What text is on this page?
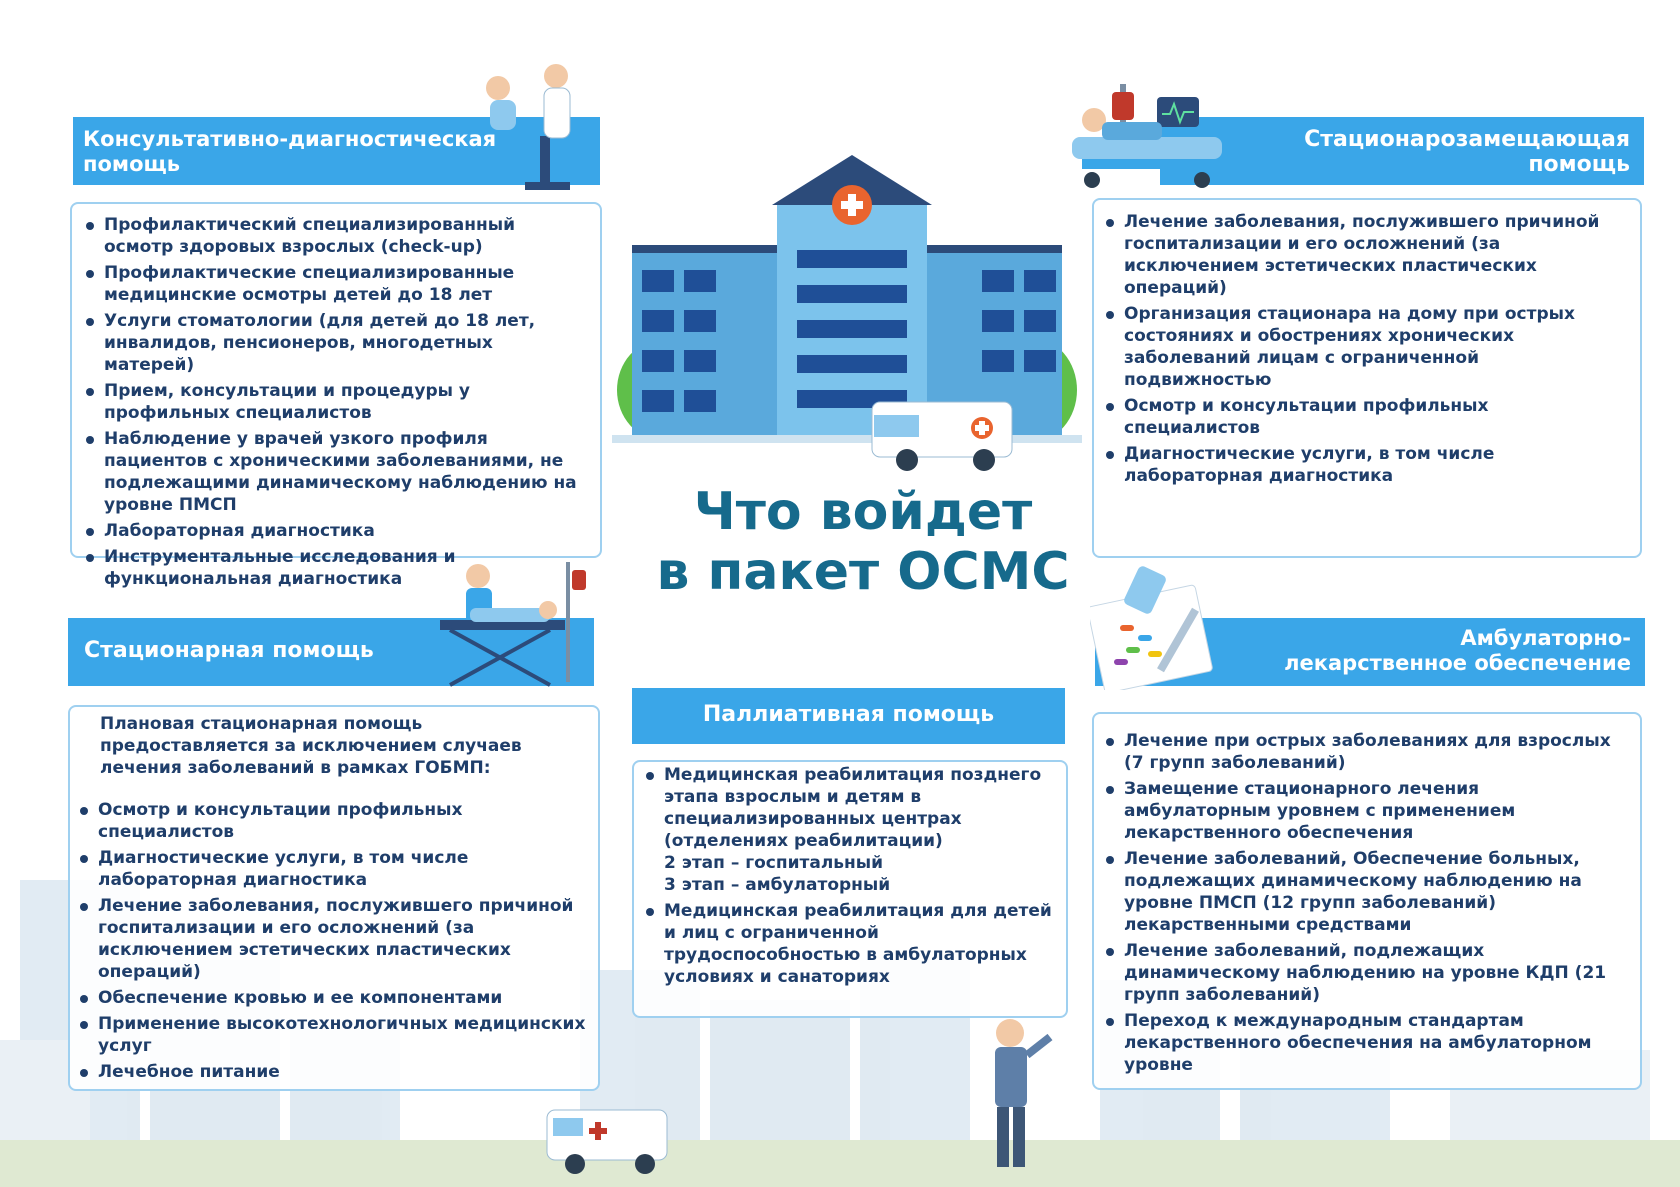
Что войдет
в пакет ОСМС
Консультативно-диагностическая
помощь
Профилактический специализированный осмотр здоровых взрослых (check-up)
Профилактические специализированные медицинские осмотры детей до 18 лет
Услуги стоматологии (для детей до 18 лет, инвалидов, пенсионеров, многодетных матерей)
Прием, консультации и процедуры у профильных специалистов
Наблюдение у врачей узкого профиля пациентов с хроническими заболеваниями, не подлежащими динамическому наблюдению на уровне ПМСП
Лабораторная диагностика
Инструментальные исследования и функциональная диагностика
Стационарозамещающая
помощь
Лечение заболевания, послужившего причиной госпитализации и его осложнений (за исключением эстетических пластических операций)
Организация стационара на дому при острых состояниях и обострениях хронических заболеваний лицам с ограниченной подвижностью
Осмотр и консультации профильных специалистов
Диагностические услуги, в том числе лабораторная диагностика
Стационарная помощь
Плановая стационарная помощь предоставляется за исключением случаев лечения заболеваний в рамках ГОБМП:
Осмотр и консультации профильных специалистов
Диагностические услуги, в том числе лабораторная диагностика
Лечение заболевания, послужившего причиной госпитализации и его осложнений (за исключением эстетических пластических операций)
Обеспечение кровью и ее компонентами
Применение высокотехнологичных медицинских услуг
Лечебное питание
Паллиативная помощь
Медицинская реабилитация позднего этапа взрослым и детям в специализированных центрах (отделениях реабилитации)
2 этап – госпитальный
3 этап – амбулаторный
Медицинская реабилитация для детей и лиц с ограниченной трудоспособностью в амбулаторных условиях и санаториях
Амбулаторно-
лекарственное обеспечение
Лечение при острых заболеваниях для взрослых (7 групп заболеваний)
Замещение стационарного лечения амбулаторным уровнем с применением лекарственного обеспечения
Лечение заболеваний, Обеспечение больных, подлежащих динамическому наблюдению на уровне ПМСП (12 групп заболеваний) лекарственными средствами
Лечение заболеваний, подлежащих динамическому наблюдению на уровне КДП (21 групп заболеваний)
Переход к международным стандартам лекарственного обеспечения на амбулаторном уровне
